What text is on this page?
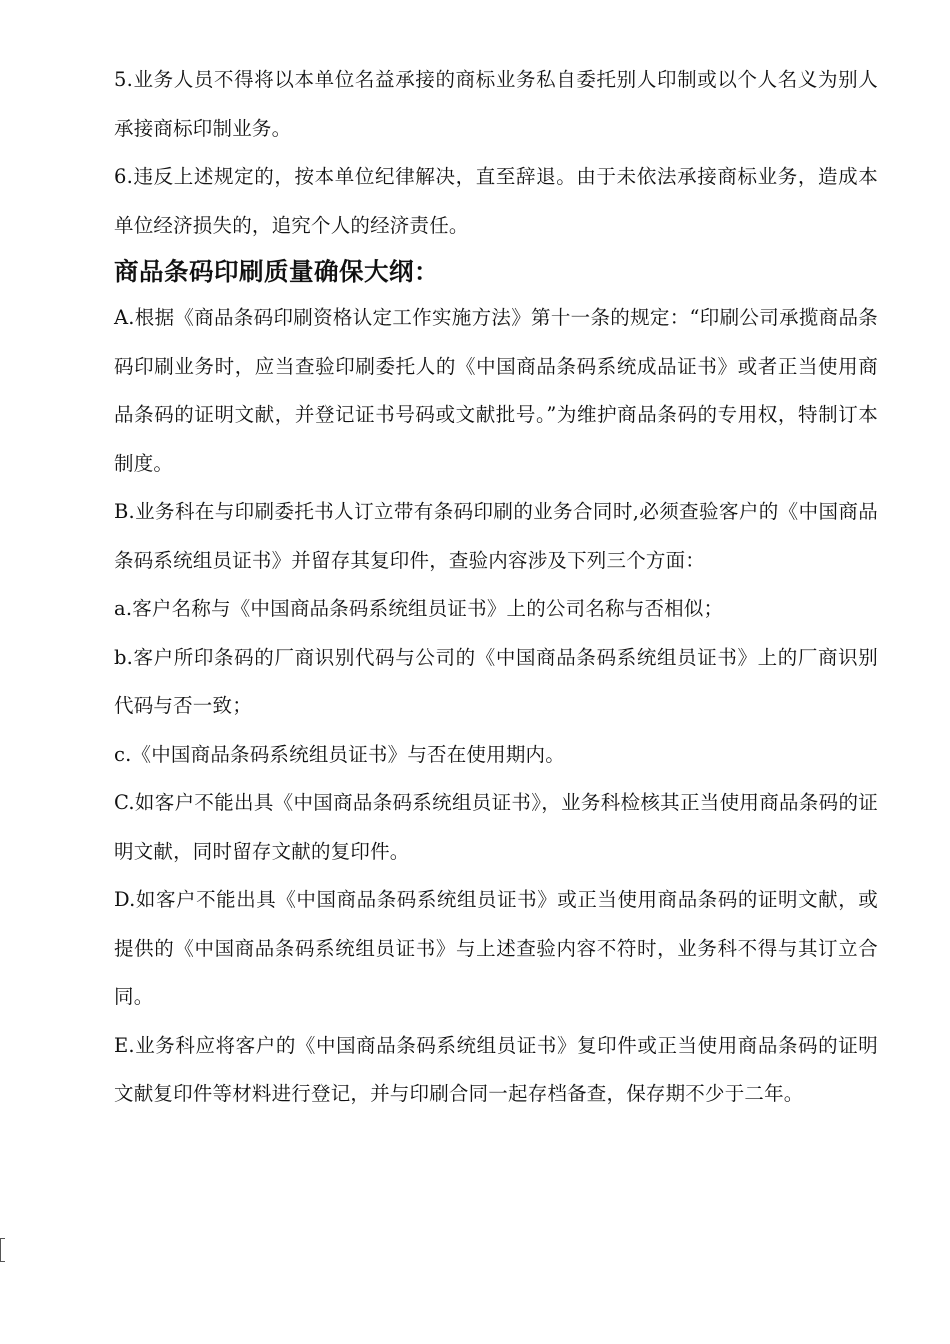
5.业务人员不得将以本单位名益承接的商标业务私自委托别人印制或以个人名义为别人承接商标印制业务。

6.违反上述规定的，按本单位纪律解决，直至辞退。由于未依法承接商标业务，造成本单位经济损失的，追究个人的经济责任。

商品条码印刷质量确保大纲：

A.根据《商品条码印刷资格认定工作实施方法》第十一条的规定：“印刷公司承揽商品条码印刷业务时，应当查验印刷委托人的《中国商品条码系统成品证书》或者正当使用商品条码的证明文献，并登记证书号码或文献批号。”为维护商品条码的专用权，特制订本制度。

B.业务科在与印刷委托书人订立带有条码印刷的业务合同时,必须查验客户的《中国商品条码系统组员证书》并留存其复印件，查验内容涉及下列三个方面：

a.客户名称与《中国商品条码系统组员证书》上的公司名称与否相似；

b.客户所印条码的厂商识别代码与公司的《中国商品条码系统组员证书》上的厂商识别代码与否一致；

c.《中国商品条码系统组员证书》与否在使用期内。

C.如客户不能出具《中国商品条码系统组员证书》，业务科检核其正当使用商品条码的证明文献，同时留存文献的复印件。

D.如客户不能出具《中国商品条码系统组员证书》或正当使用商品条码的证明文献，或提供的《中国商品条码系统组员证书》与上述查验内容不符时，业务科不得与其订立合同。

E.业务科应将客户的《中国商品条码系统组员证书》复印件或正当使用商品条码的证明文献复印件等材料进行登记，并与印刷合同一起存档备查，保存期不少于二年。
